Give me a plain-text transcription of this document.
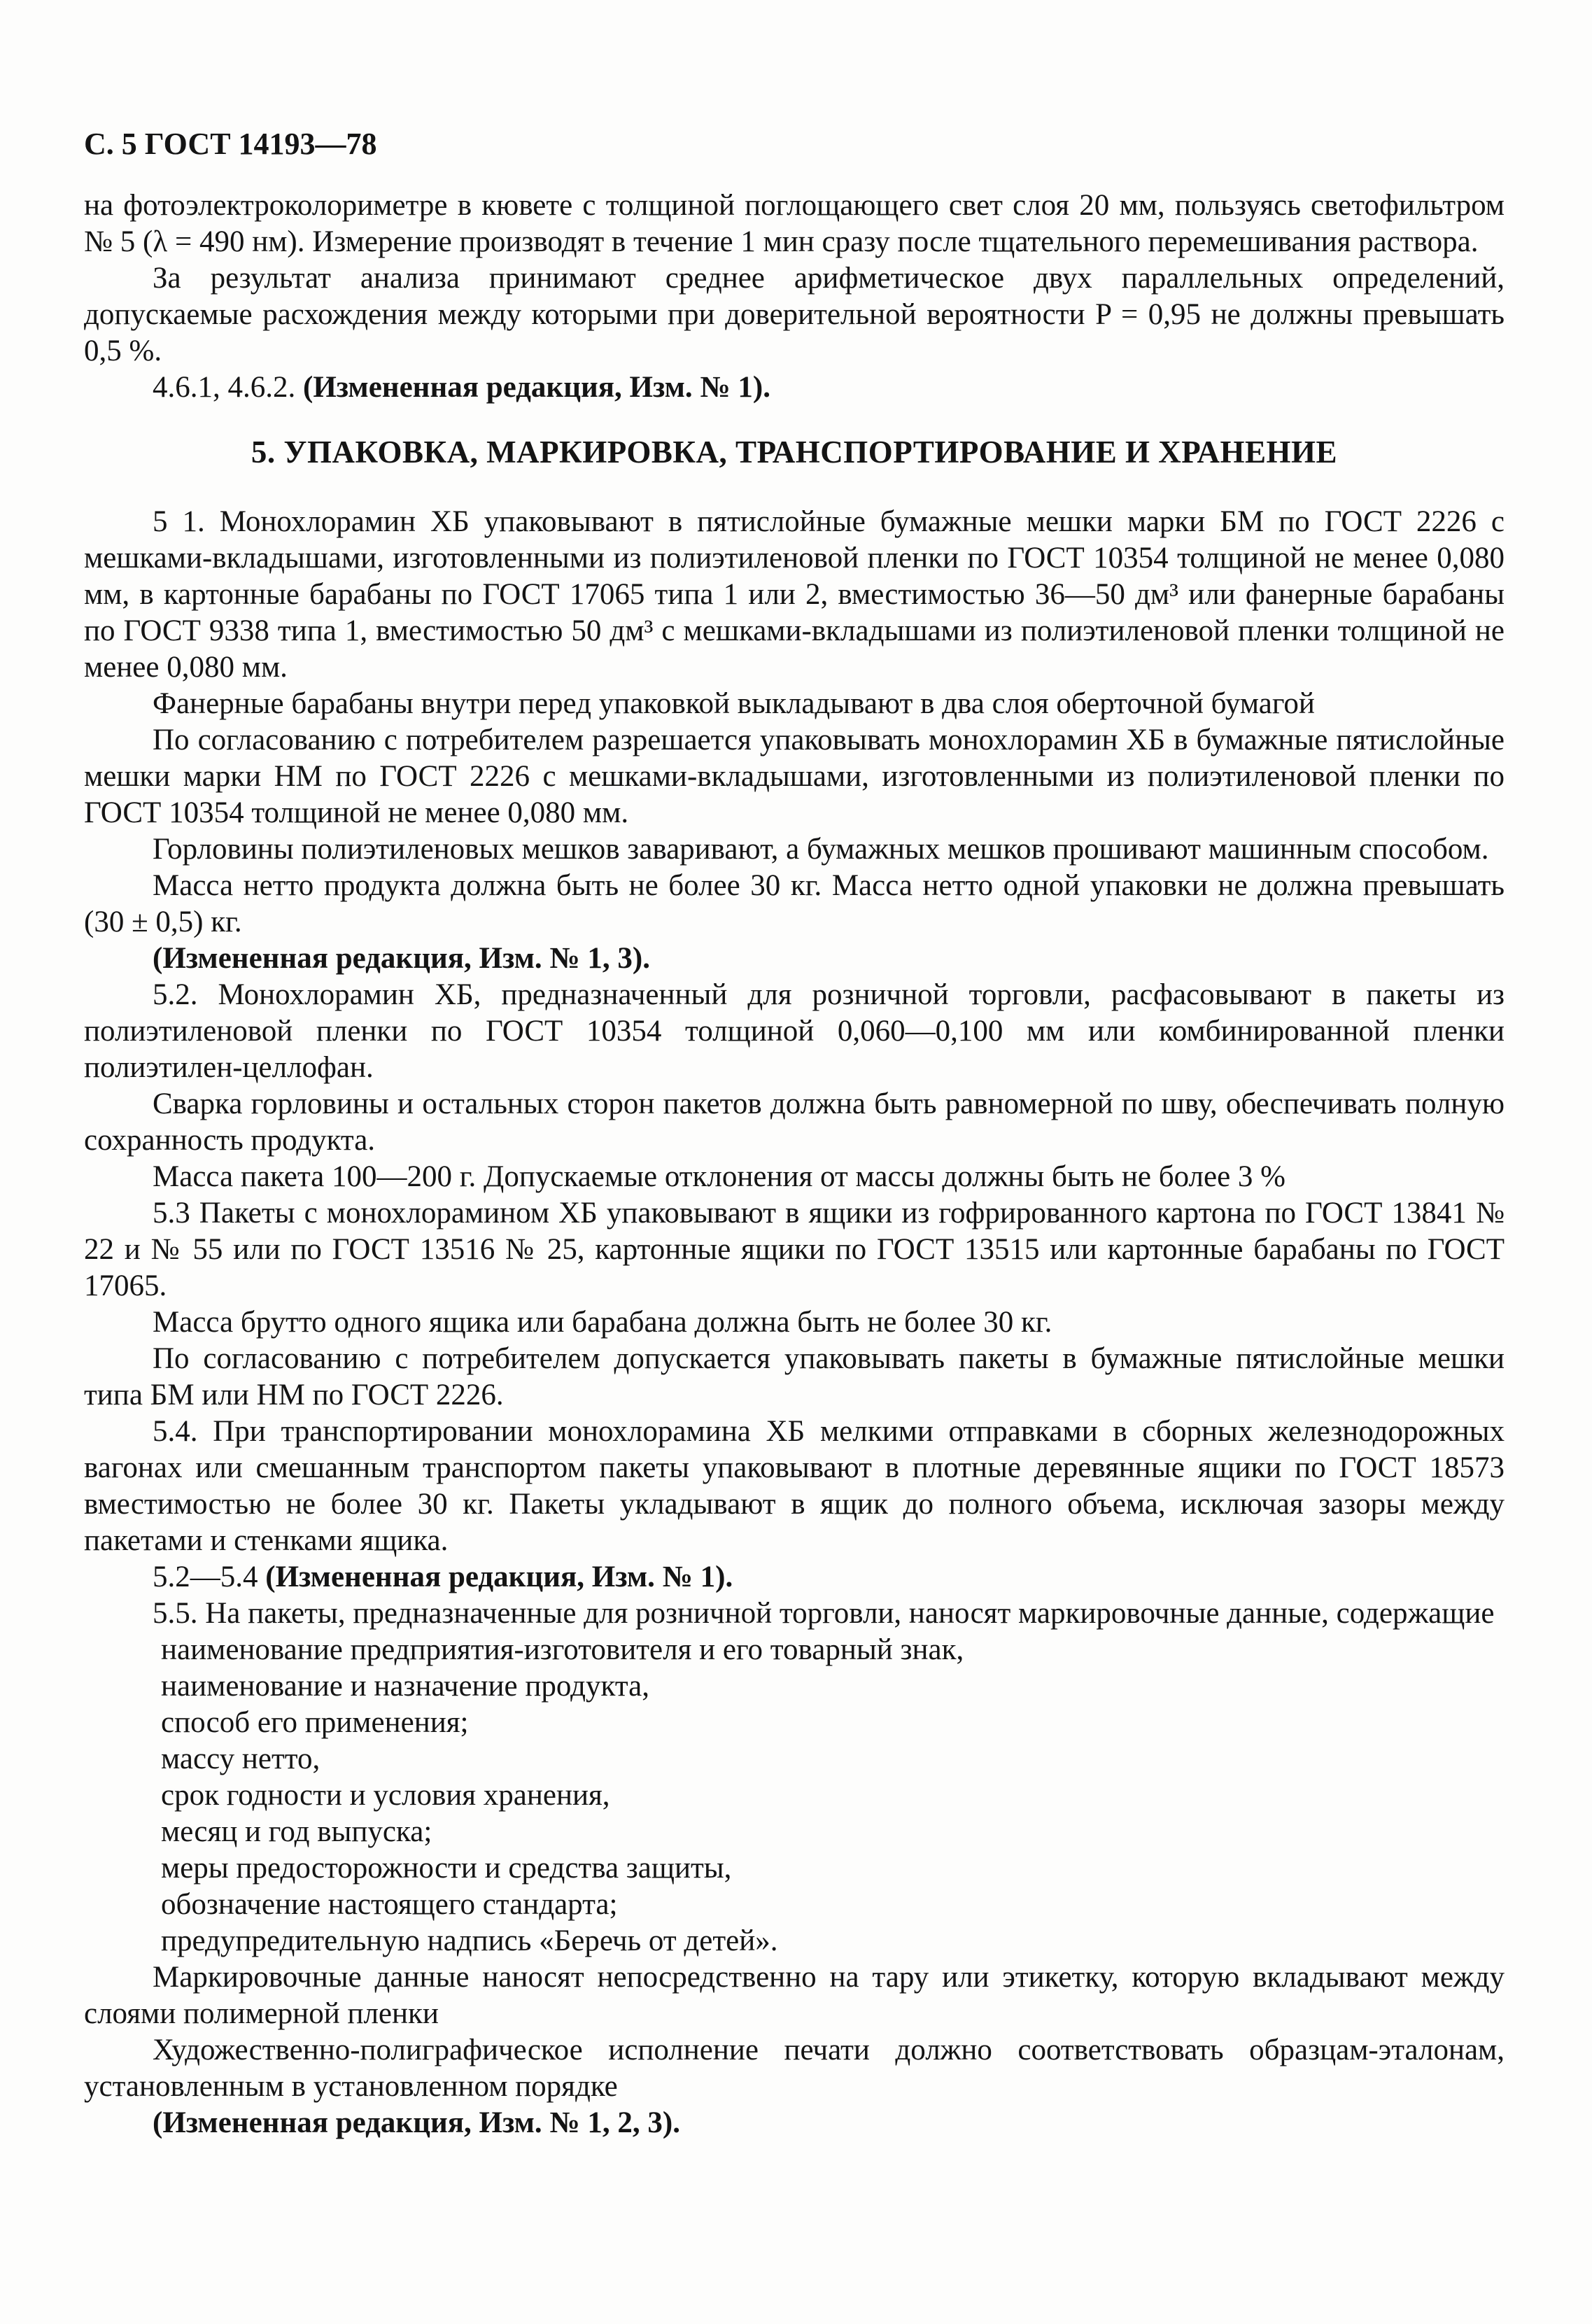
С. 5 ГОСТ 14193—78

на фотоэлектроколориметре в кювете с толщиной поглощающего свет слоя 20 мм, пользуясь светофильтром № 5 (λ = 490 нм). Измерение производят в течение 1 мин сразу после тщательного перемешивания раствора.

За результат анализа принимают среднее арифметическое двух параллельных определений, допускаемые расхождения между которыми при доверительной вероятности P = 0,95 не должны превышать 0,5 %.

4.6.1, 4.6.2. (Измененная редакция, Изм. № 1).

5. УПАКОВКА, МАРКИРОВКА, ТРАНСПОРТИРОВАНИЕ И ХРАНЕНИЕ

5 1. Монохлорамин ХБ упаковывают в пятислойные бумажные мешки марки БМ по ГОСТ 2226 с мешками-вкладышами, изготовленными из полиэтиленовой пленки по ГОСТ 10354 толщиной не менее 0,080 мм, в картонные барабаны по ГОСТ 17065 типа 1 или 2, вместимостью 36—50 дм³ или фанерные барабаны по ГОСТ 9338 типа 1, вместимостью 50 дм³ с мешками-вкладышами из полиэтиленовой пленки толщиной не менее 0,080 мм.

Фанерные барабаны внутри перед упаковкой выкладывают в два слоя оберточной бумагой

По согласованию с потребителем разрешается упаковывать монохлорамин ХБ в бумажные пятислойные мешки марки НМ по ГОСТ 2226 с мешками-вкладышами, изготовленными из полиэтиленовой пленки по ГОСТ 10354 толщиной не менее 0,080 мм.

Горловины полиэтиленовых мешков заваривают, а бумажных мешков прошивают машинным способом.

Масса нетто продукта должна быть не более 30 кг. Масса нетто одной упаковки не должна превышать (30 ± 0,5) кг.

(Измененная редакция, Изм. № 1, 3).

5.2. Монохлорамин ХБ, предназначенный для розничной торговли, расфасовывают в пакеты из полиэтиленовой пленки по ГОСТ 10354 толщиной 0,060—0,100 мм или комбинированной пленки полиэтилен-целлофан.

Сварка горловины и остальных сторон пакетов должна быть равномерной по шву, обеспечивать полную сохранность продукта.

Масса пакета 100—200 г. Допускаемые отклонения от массы должны быть не более 3 %

5.3 Пакеты с монохлорамином ХБ упаковывают в ящики из гофрированного картона по ГОСТ 13841 № 22 и № 55 или по ГОСТ 13516 № 25, картонные ящики по ГОСТ 13515 или картонные барабаны по ГОСТ 17065.

Масса брутто одного ящика или барабана должна быть не более 30 кг.

По согласованию с потребителем допускается упаковывать пакеты в бумажные пятислойные мешки типа БМ или НМ по ГОСТ 2226.

5.4. При транспортировании монохлорамина ХБ мелкими отправками в сборных железнодорожных вагонах или смешанным транспортом пакеты упаковывают в плотные деревянные ящики по ГОСТ 18573 вместимостью не более 30 кг. Пакеты укладывают в ящик до полного объема, исключая зазоры между пакетами и стенками ящика.

5.2—5.4 (Измененная редакция, Изм. № 1).

5.5. На пакеты, предназначенные для розничной торговли, наносят маркировочные данные, содержащие

наименование предприятия-изготовителя и его товарный знак,

наименование и назначение продукта,

способ его применения;

массу нетто,

срок годности и условия хранения,

месяц и год выпуска;

меры предосторожности и средства защиты,

обозначение настоящего стандарта;

предупредительную надпись «Беречь от детей».

Маркировочные данные наносят непосредственно на тару или этикетку, которую вкладывают между слоями полимерной пленки

Художественно-полиграфическое исполнение печати должно соответствовать образцам-эталонам, установленным в установленном порядке

(Измененная редакция, Изм. № 1, 2, 3).
